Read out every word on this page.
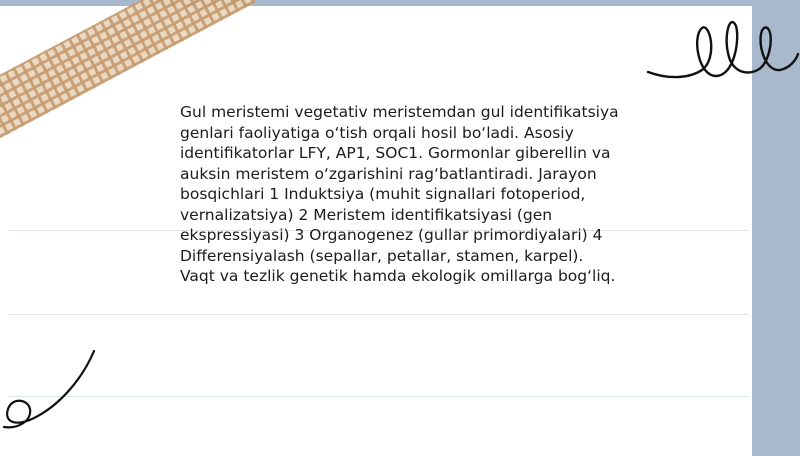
Gul meristemi vegetativ meristemdan gul identifikatsiya genlari faoliyatiga o‘tish orqali hosil bo‘ladi. Asosiy identifikatorlar LFY, AP1, SOC1. Gormonlar giberellin va auksin meristem o‘zgarishini rag‘batlantiradi. Jarayon bosqichlari 1 Induktsiya (muhit signallari fotoperiod, vernalizatsiya) 2 Meristem identifikatsiyasi (gen ekspressiyasi) 3 Organogenez (gullar primordiyalari) 4 Differensiyalash (sepallar, petallar, stamen, karpel). Vaqt va tezlik genetik hamda ekologik omillarga bog‘liq.
